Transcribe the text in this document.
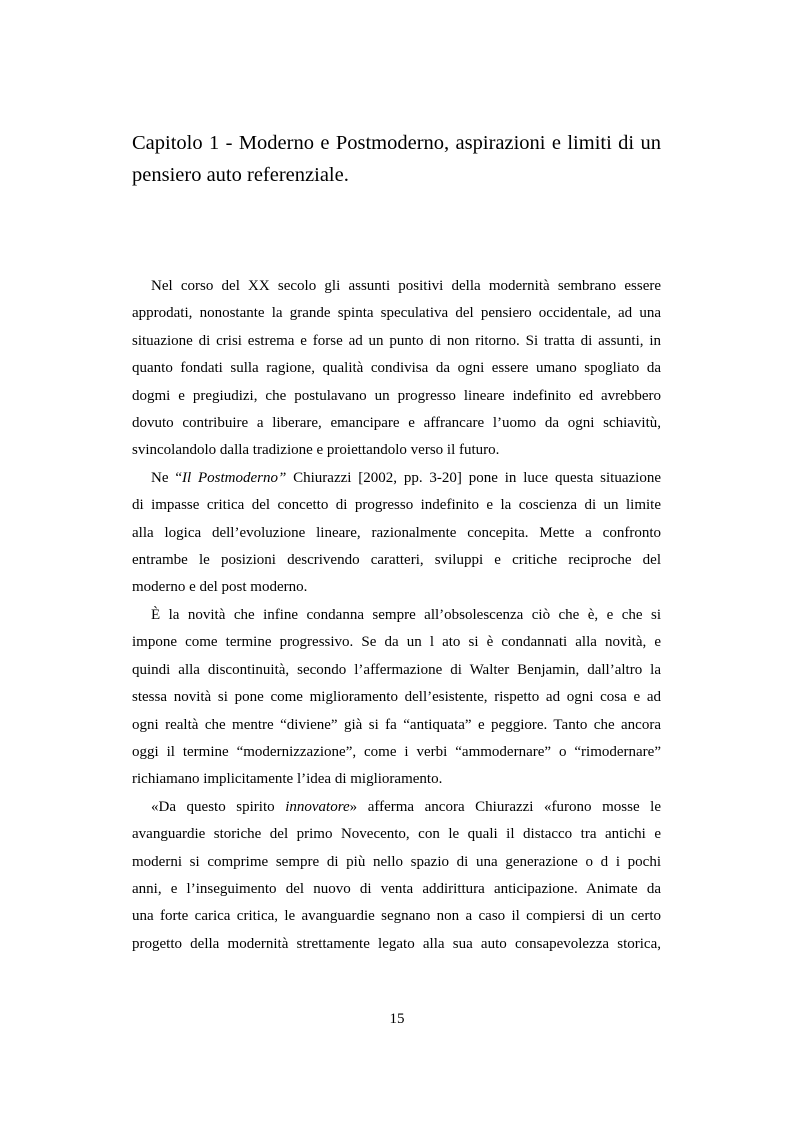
Capitolo 1 - Moderno e Postmoderno, aspirazioni e limiti di un
pensiero auto referenziale.

Nel corso del XX secolo gli assunti positivi della modernità sembrano essere
approdati, nonostante la grande spinta speculativa del pensiero occidentale, ad una
situazione di crisi estrema e forse ad un punto di non ritorno. Si tratta di assunti, in
quanto fondati sulla ragione, qualità condivisa da ogni essere umano spogliato da
dogmi e pregiudizi, che postulavano un progresso lineare indefinito ed avrebbero
dovuto contribuire a liberare, emancipare e affrancare l’uomo da ogni schiavitù,
svincolandolo dalla tradizione e proiettandolo verso il futuro.

Ne “Il Postmoderno” Chiurazzi [2002, pp. 3-20] pone in luce questa situazione
di impasse critica del concetto di progresso indefinito e la coscienza di un limite
alla logica dell’evoluzione lineare, razionalmente concepita. Mette a confronto
entrambe le posizioni descrivendo caratteri, sviluppi e critiche reciproche del
moderno e del post moderno.

È la novità che infine condanna sempre all’obsolescenza ciò che è, e che si
impone come termine progressivo. Se da un l ato si è condannati alla novità, e
quindi alla discontinuità, secondo l’affermazione di Walter Benjamin, dall’altro la
stessa novità si pone come miglioramento dell’esistente, rispetto ad ogni cosa e ad
ogni realtà che mentre “diviene” già si fa “antiquata” e peggiore. Tanto che ancora
oggi il termine “modernizzazione”, come i verbi “ammodernare” o “rimodernare”
richiamano implicitamente l’idea di miglioramento.

«Da questo spirito innovatore» afferma ancora Chiurazzi «furono mosse le
avanguardie storiche del primo Novecento, con le quali il distacco tra antichi e
moderni si comprime sempre di più nello spazio di una generazione o d i pochi
anni, e l’inseguimento del nuovo di venta addirittura anticipazione. Animate da
una forte carica critica, le avanguardie segnano non a caso il compiersi di un certo
progetto della modernità strettamente legato alla sua auto consapevolezza storica,

15
